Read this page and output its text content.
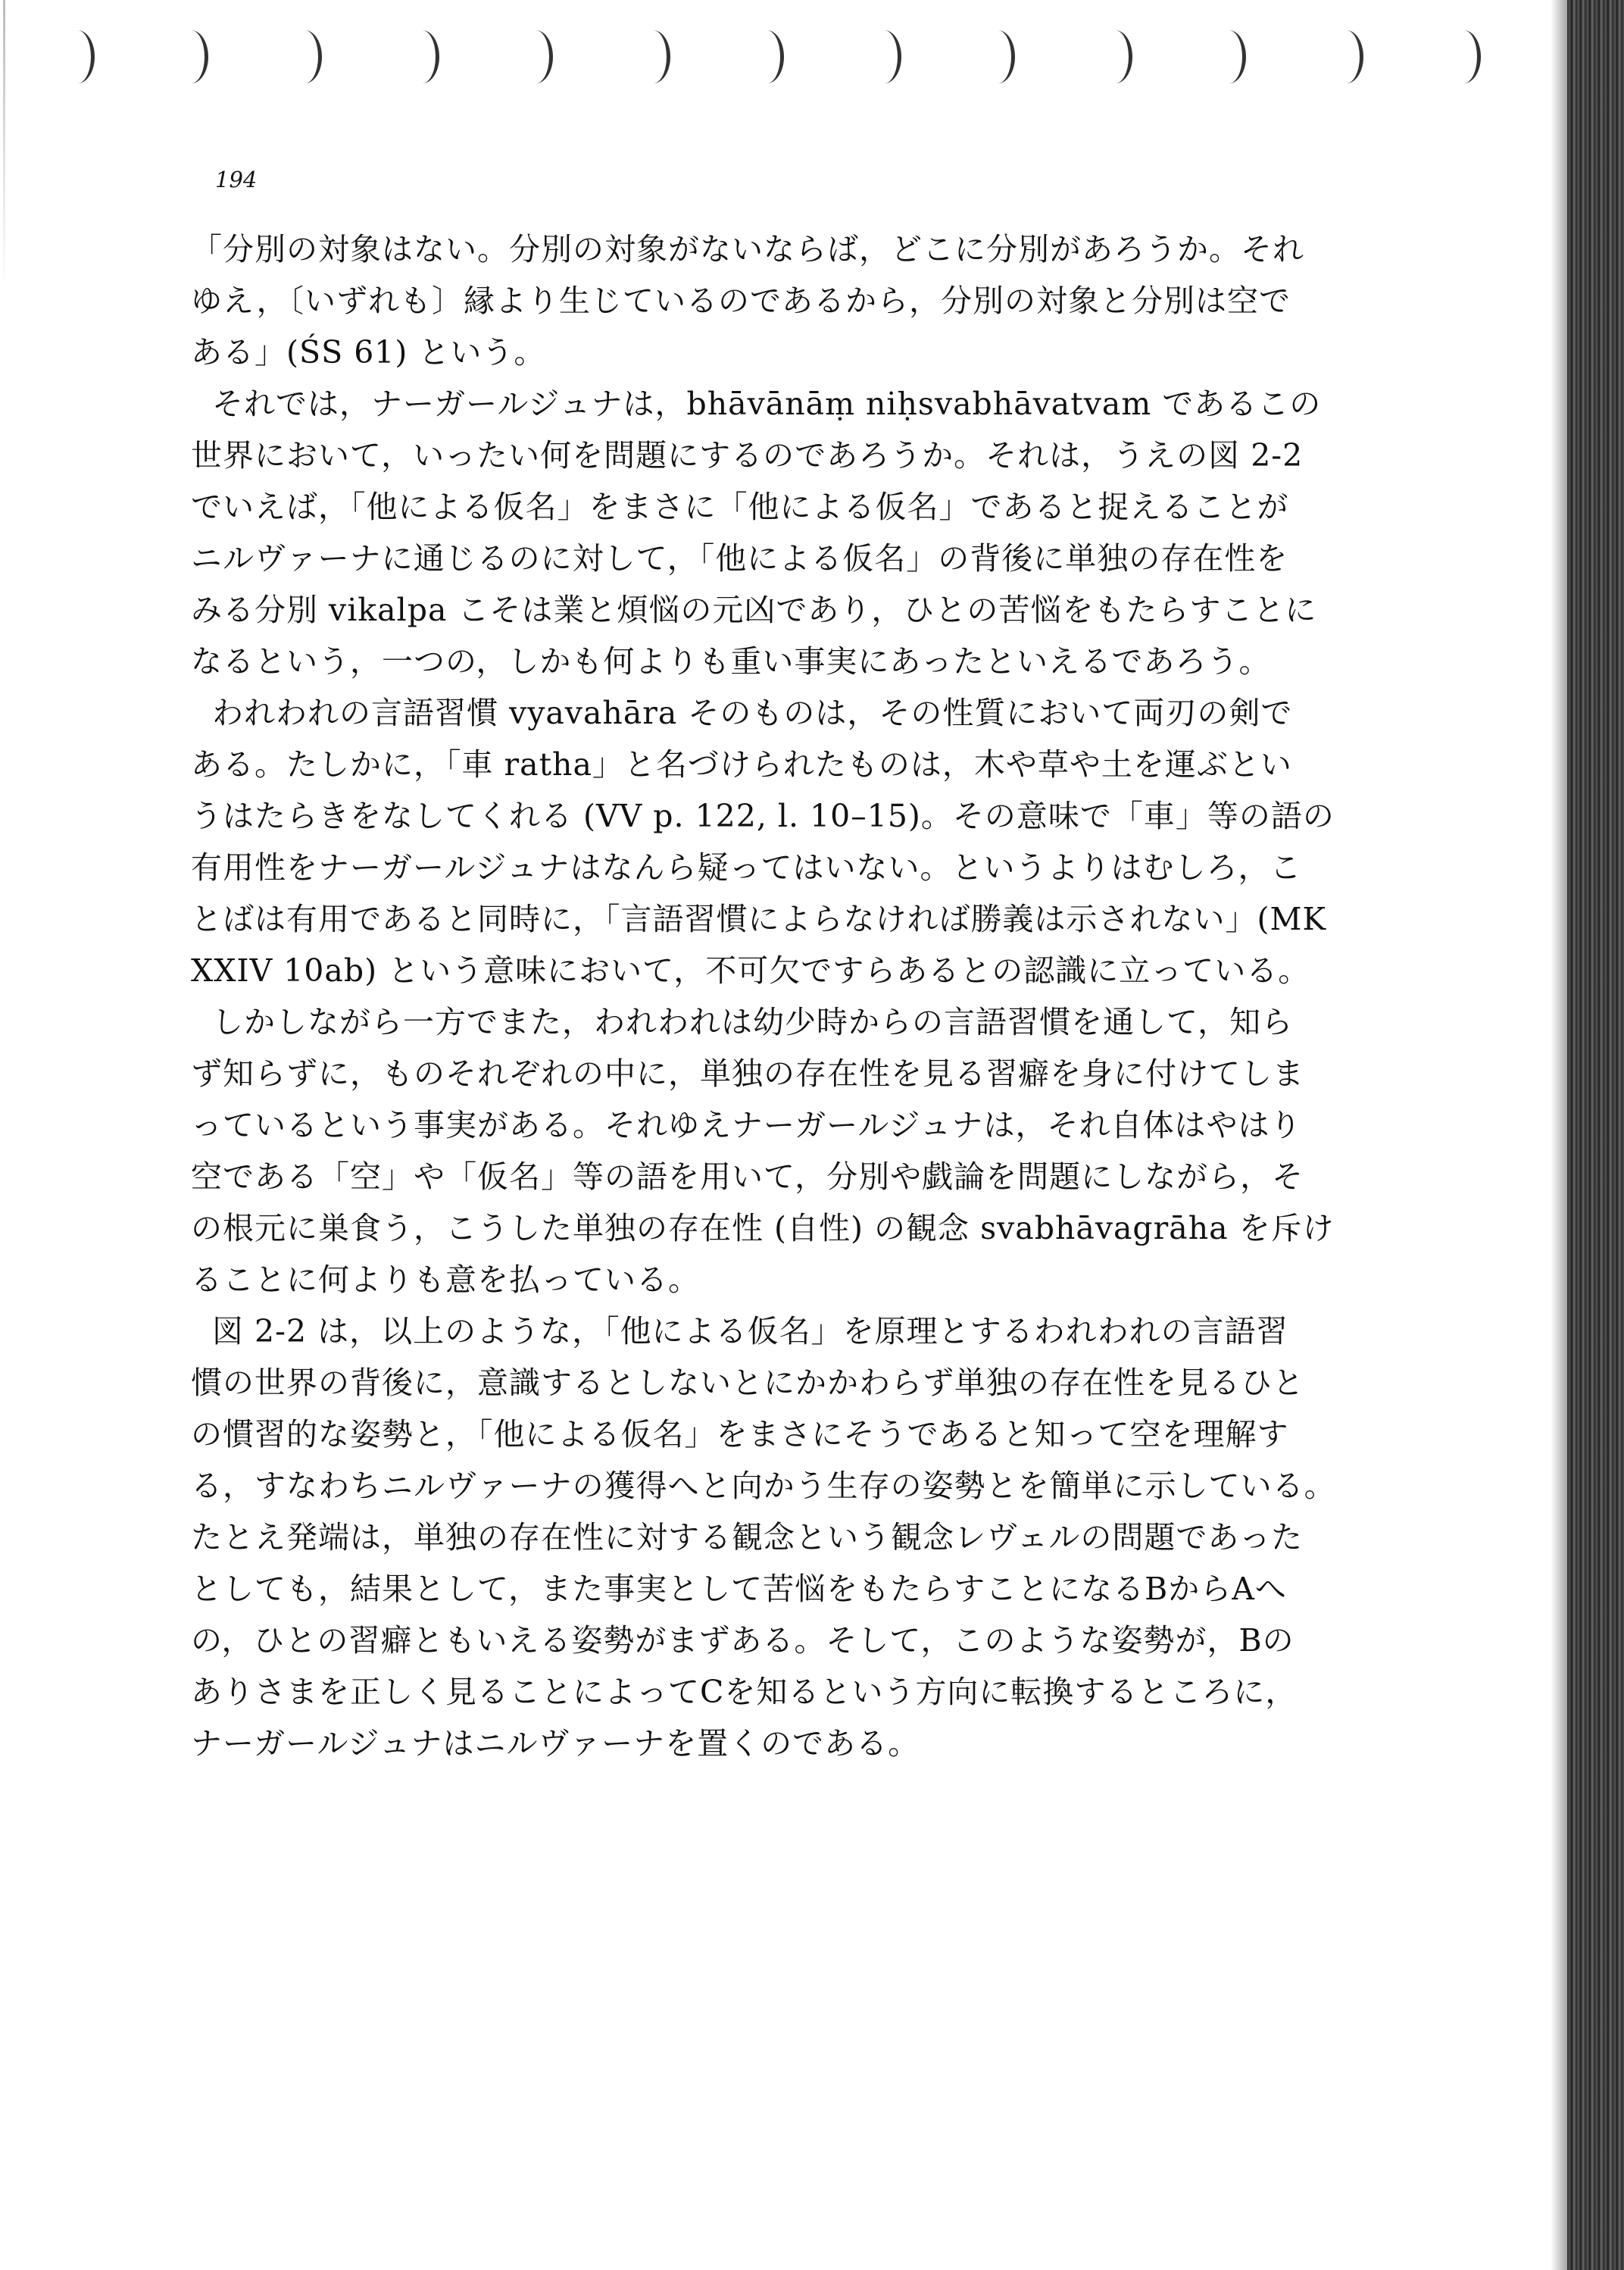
194
「分別の対象はない。分別の対象がないならば，どこに分別があろうか。それ
ゆえ，〔いずれも〕縁より生じているのであるから，分別の対象と分別は空で
ある」(ŚS 61) という。
それでは，ナーガールジュナは，bhāvānāṃ niḥsvabhāvatvam であるこの
世界において，いったい何を問題にするのであろうか。それは，うえの図 2-2
でいえば，「他による仮名」をまさに「他による仮名」であると捉えることが
ニルヴァーナに通じるのに対して，「他による仮名」の背後に単独の存在性を
みる分別 vikalpa こそは業と煩悩の元凶であり，ひとの苦悩をもたらすことに
なるという，一つの，しかも何よりも重い事実にあったといえるであろう。
われわれの言語習慣 vyavahāra そのものは，その性質において両刃の剣で
ある。たしかに，「車 ratha」と名づけられたものは，木や草や土を運ぶとい
うはたらきをなしてくれる (VV p. 122, l. 10–15)。その意味で「車」等の語の
有用性をナーガールジュナはなんら疑ってはいない。というよりはむしろ，こ
とばは有用であると同時に，「言語習慣によらなければ勝義は示されない」(MK
XXIV 10ab) という意味において，不可欠ですらあるとの認識に立っている。
しかしながら一方でまた，われわれは幼少時からの言語習慣を通して，知ら
ず知らずに，ものそれぞれの中に，単独の存在性を見る習癖を身に付けてしま
っているという事実がある。それゆえナーガールジュナは，それ自体はやはり
空である「空」や「仮名」等の語を用いて，分別や戯論を問題にしながら，そ
の根元に巣食う，こうした単独の存在性 (自性) の観念 svabhāvagrāha を斥け
ることに何よりも意を払っている。
図 2-2 は，以上のような，「他による仮名」を原理とするわれわれの言語習
慣の世界の背後に，意識するとしないとにかかわらず単独の存在性を見るひと
の慣習的な姿勢と，「他による仮名」をまさにそうであると知って空を理解す
る，すなわちニルヴァーナの獲得へと向かう生存の姿勢とを簡単に示している。
たとえ発端は，単独の存在性に対する観念という観念レヴェルの問題であった
としても，結果として，また事実として苦悩をもたらすことになるBからAへ
の，ひとの習癖ともいえる姿勢がまずある。そして，このような姿勢が，Bの
ありさまを正しく見ることによってCを知るという方向に転換するところに，
ナーガールジュナはニルヴァーナを置くのである。
